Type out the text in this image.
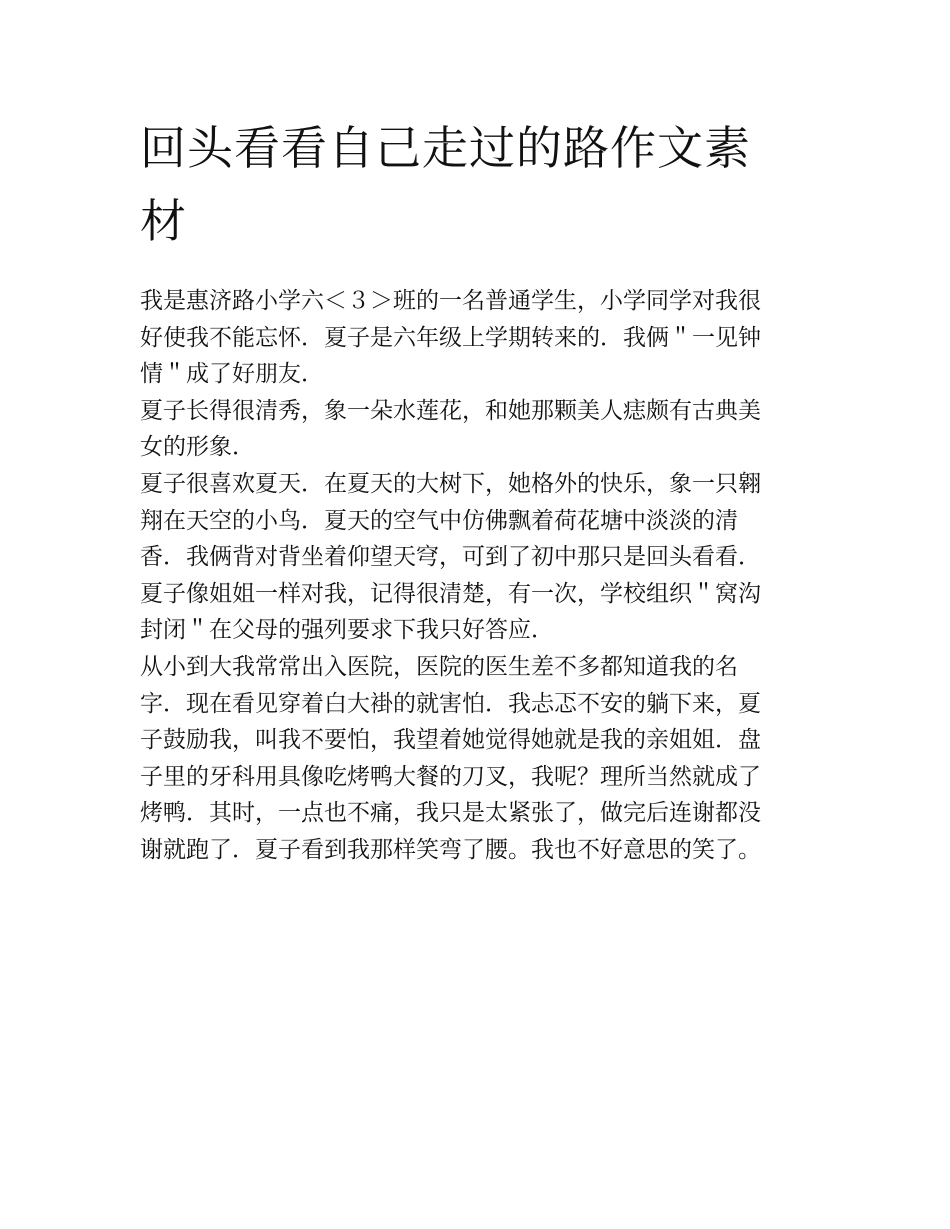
回头看看自己走过的路作文素
材

我是惠济路小学六＜３＞班的一名普通学生，小学同学对我很
好使我不能忘怀．夏子是六年级上学期转来的．我俩＂一见钟
情＂成了好朋友．

夏子长得很清秀，象一朵水莲花，和她那颗美人痣颇有古典美
女的形象．

夏子很喜欢夏天．在夏天的大树下，她格外的快乐，象一只翱
翔在天空的小鸟．夏天的空气中仿佛飘着荷花塘中淡淡的清
香．我俩背对背坐着仰望天穹，可到了初中那只是回头看看．
夏子像姐姐一样对我，记得很清楚，有一次，学校组织＂窝沟
封闭＂在父母的强列要求下我只好答应．

从小到大我常常出入医院，医院的医生差不多都知道我的名
字．现在看见穿着白大褂的就害怕．我忐忑不安的躺下来，夏
子鼓励我，叫我不要怕，我望着她觉得她就是我的亲姐姐．盘
子里的牙科用具像吃烤鸭大餐的刀叉，我呢？理所当然就成了
烤鸭．其时，一点也不痛，我只是太紧张了，做完后连谢都没
谢就跑了．夏子看到我那样笑弯了腰。我也不好意思的笑了。
